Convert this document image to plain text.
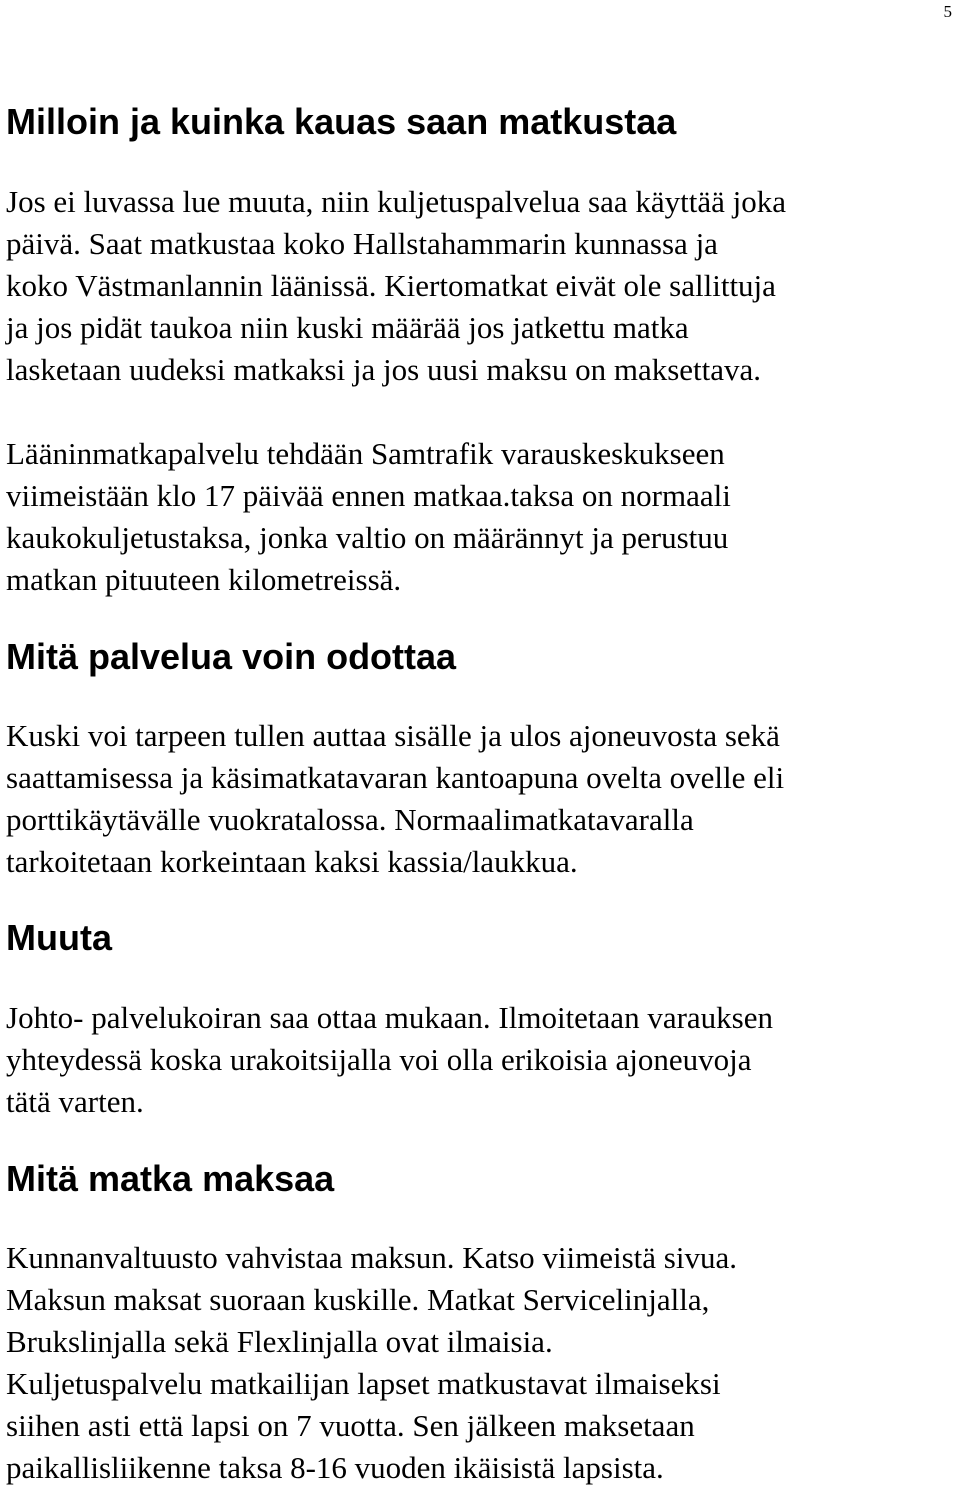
5
Milloin ja kuinka kauas saan matkustaa

Jos ei luvassa lue muuta, niin kuljetuspalvelua saa käyttää joka
päivä. Saat matkustaa koko Hallstahammarin kunnassa ja
koko Västmanlannin läänissä. Kiertomatkat eivät ole sallittuja
ja jos pidät taukoa niin kuski määrää jos jatkettu matka
lasketaan uudeksi matkaksi ja jos uusi maksu on maksettava.

Lääninmatkapalvelu tehdään Samtrafik varauskeskukseen
viimeistään klo 17 päivää ennen matkaa.taksa on normaali
kaukokuljetustaksa, jonka valtio on määrännyt ja perustuu
matkan pituuteen kilometreissä.

Mitä palvelua voin odottaa

Kuski voi tarpeen tullen auttaa sisälle ja ulos ajoneuvosta sekä
saattamisessa ja käsimatkatavaran kantoapuna ovelta ovelle eli
porttikäytävälle vuokratalossa. Normaalimatkatavaralla
tarkoitetaan korkeintaan kaksi kassia/laukkua.

Muuta

Johto- palvelukoiran saa ottaa mukaan. Ilmoitetaan varauksen
yhteydessä koska urakoitsijalla voi olla erikoisia ajoneuvoja
tätä varten.

Mitä matka maksaa

Kunnanvaltuusto vahvistaa maksun. Katso viimeistä sivua.
Maksun maksat suoraan kuskille. Matkat Servicelinjalla,
Brukslinjalla sekä Flexlinjalla ovat ilmaisia.
Kuljetuspalvelu matkailijan lapset matkustavat ilmaiseksi
siihen asti että lapsi on 7 vuotta. Sen jälkeen maksetaan
paikallisliikenne taksa 8-16 vuoden ikäisistä lapsista.
